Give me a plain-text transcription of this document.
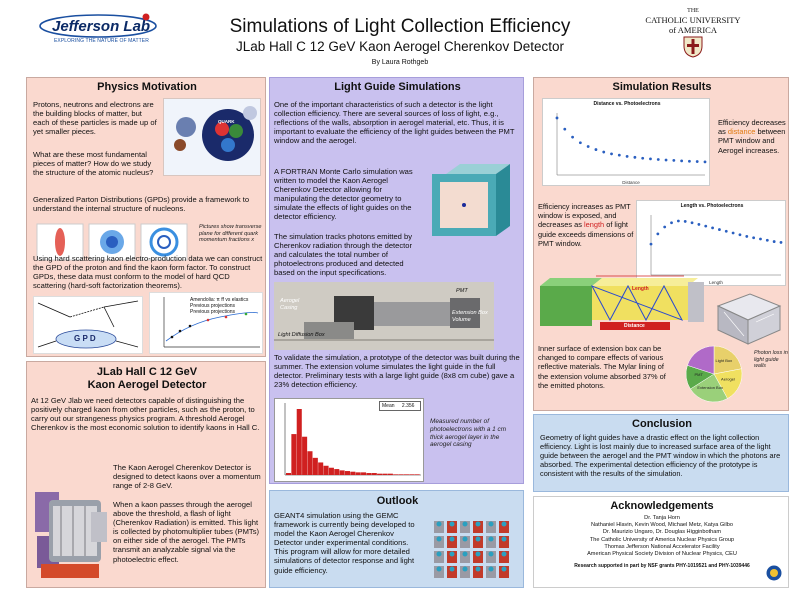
Jefferson Lab
EXPLORING THE NATURE OF MATTER
Simulations of Light Collection Efficiency
JLab Hall C 12 GeV Kaon Aerogel Cherenkov Detector
By Laura Rothgeb
THE
CATHOLIC UNIVERSITY
of AMERICA
Physics Motivation
Protons, neutrons and electrons are the building blocks of matter, but each of these particles is made up of yet smaller pieces.
What are these most fundamental pieces of matter? How do we study the structure of the atomic nucleus?
Generalized Parton Distributions (GPDs) provide a framework to understand the internal structure of nucleons.
QUARK
Pictures show transverse plane for different quark momentum fractions x
Using hard scattering kaon electro-production data we can construct the GPD of the proton and find the kaon form factor. To construct GPDs, these data must conform to the model of hard QCD scattering (hard-soft factorization theorems).
G P D
Amendolia: π ff vs elastics
Previous projections
Previous projections
JLab Hall C 12 GeV
Kaon Aerogel Detector
At 12 GeV Jlab we need detectors capable of distinguishing the positively charged kaon from other particles, such as the proton, to carry out our strangeness physics program. A threshold Aerogel Cherenkov is the most economic solution to identify kaons in Hall C.
The Kaon Aerogel Cherenkov Detector is designed to detect kaons over a momentum range of 2-8 GeV.
When a kaon passes through the aerogel above the threshold, a flash of light (Cherenkov Radiation) is emitted. This light is collected by photomultiplier tubes (PMTs) on either side of the aerogel. The PMTs transmit an analyzable signal via the photoelectric effect.
Light Guide Simulations
One of the important characteristics of such a detector is the light collection efficiency. There are several sources of loss of light, e.g., reflections of the walls, absorption in aerogel material, etc. Thus, it is important to evaluate the efficiency of the light guides between the PMT window and the aerogel.
A FORTRAN Monte Carlo simulation was written to model the Kaon Aerogel Cherenkov Detector allowing for manipulating the detector geometry to simulate the effects of light guides on the detector efficiency.
The simulation tracks photons emitted by Cherenkov radiation through the detector and calculates the total number of photoelectrons produced and detected based on the input specifications.
Aerogel Casing
PMT
Extension Box Volume
Light Diffusion Box
To validate the simulation, a prototype of the detector was built during the summer. The extension volume simulates the light guide in the full detector. Preliminary tests with a large light guide (8x8 cm cube) gave a 23% detection efficiency.
Mean 2.356
Measured number of photoelectrons with a 1 cm thick aerogel layer in the aerogel casing
Outlook
GEANT4 simulation using the GEMC framework is currently being developed to model the Kaon Aerogel Cherenkov Detector under experimental conditions. This program will allow for more detailed simulations of detector response and light guide efficiency.
Simulation Results
Distance vs. Photoelectrons
Distance
Efficiency decreases as distance between PMT window and Aerogel increases.
Efficiency increases as PMT window is exposed, and decreases as length of light guide exceeds dimensions of PMT window.
Length vs. Photoelectrons
Length
Length
Distance
Inner surface of extension box can be changed to compare effects of various reflective materials. The Mylar lining of the extension volume absorbed 37% of the emitted photons.
Light Box
Aerogel
Extension Box
PMT
Photon loss in light guide walls
Conclusion
Geometry of light guides have a drastic effect on the light collection efficiency. Light is lost mainly due to increased surface area of the light guide between the aerogel and the PMT window in which the photons are absorbed. The experimental detection efficiency of the prototype is consistent with the results of the simulation.
Acknowledgements
Dr. Tanja Horn
Nathaniel Hlavin, Kevin Wood, Michael Metz, Katya Gilbo
Dr. Maurizio Ungaro, Dr. Douglas Higginbotham
The Catholic University of America Nuclear Physics Group
Thomas Jefferson National Accelerator Facility
American Physical Society Division of Nuclear Physics, CEU
Research supported in part by NSF grants PHY-1019521 and PHY-1039446
